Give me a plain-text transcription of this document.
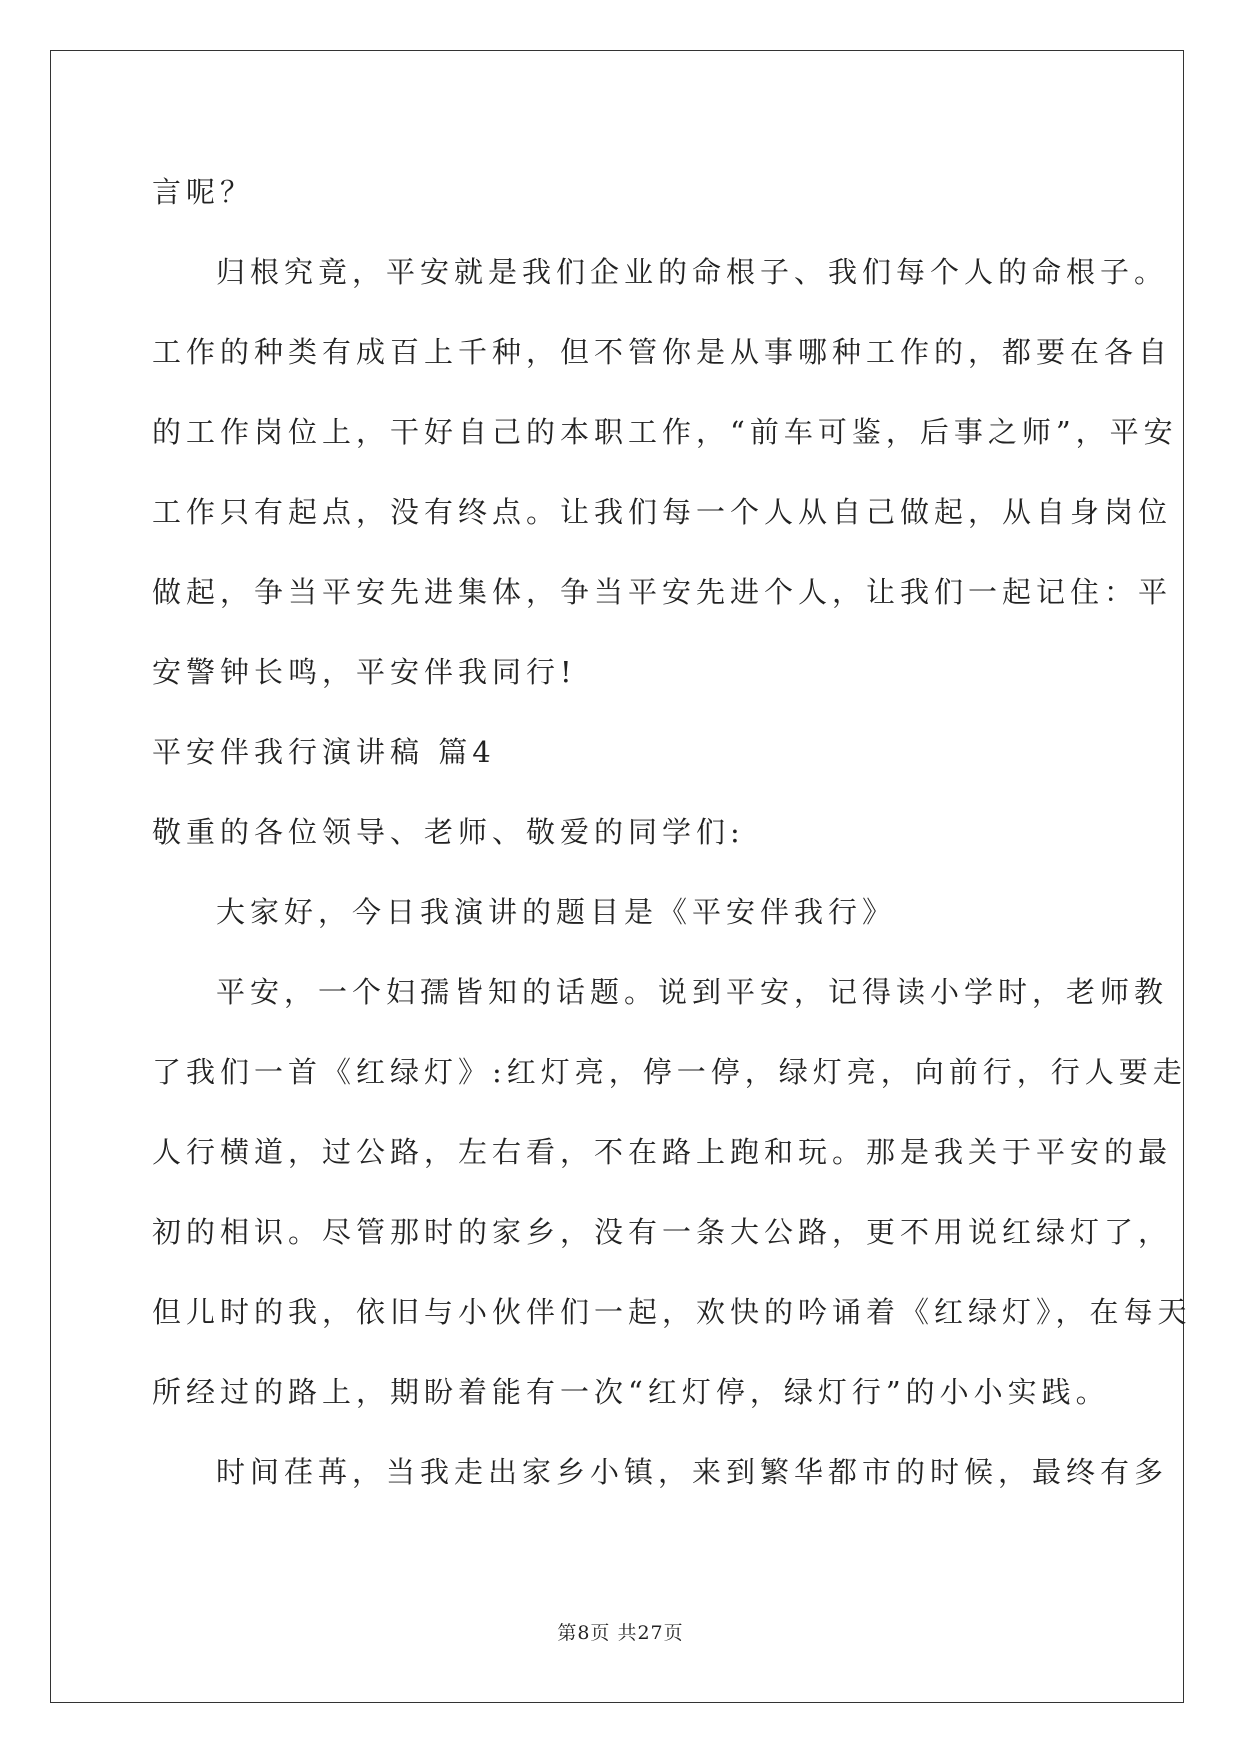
言呢？
归根究竟，平安就是我们企业的命根子、我们每个人的命根子。
工作的种类有成百上千种，但不管你是从事哪种工作的，都要在各自
的工作岗位上，干好自己的本职工作，“前车可鉴，后事之师”，平安
工作只有起点，没有终点。让我们每一个人从自己做起，从自身岗位
做起，争当平安先进集体，争当平安先进个人，让我们一起记住：平
安警钟长鸣，平安伴我同行!
平安伴我行演讲稿 篇4
敬重的各位领导、老师、敬爱的同学们:
大家好，今日我演讲的题目是《平安伴我行》
平安，一个妇孺皆知的话题。说到平安，记得读小学时，老师教
了我们一首《红绿灯》:红灯亮，停一停，绿灯亮，向前行，行人要走
人行横道，过公路，左右看，不在路上跑和玩。那是我关于平安的最
初的相识。尽管那时的家乡，没有一条大公路，更不用说红绿灯了，
但儿时的我，依旧与小伙伴们一起，欢快的吟诵着《红绿灯》，在每天
所经过的路上，期盼着能有一次“红灯停，绿灯行”的小小实践。
时间荏苒，当我走出家乡小镇，来到繁华都市的时候，最终有多
第8页 共27页
